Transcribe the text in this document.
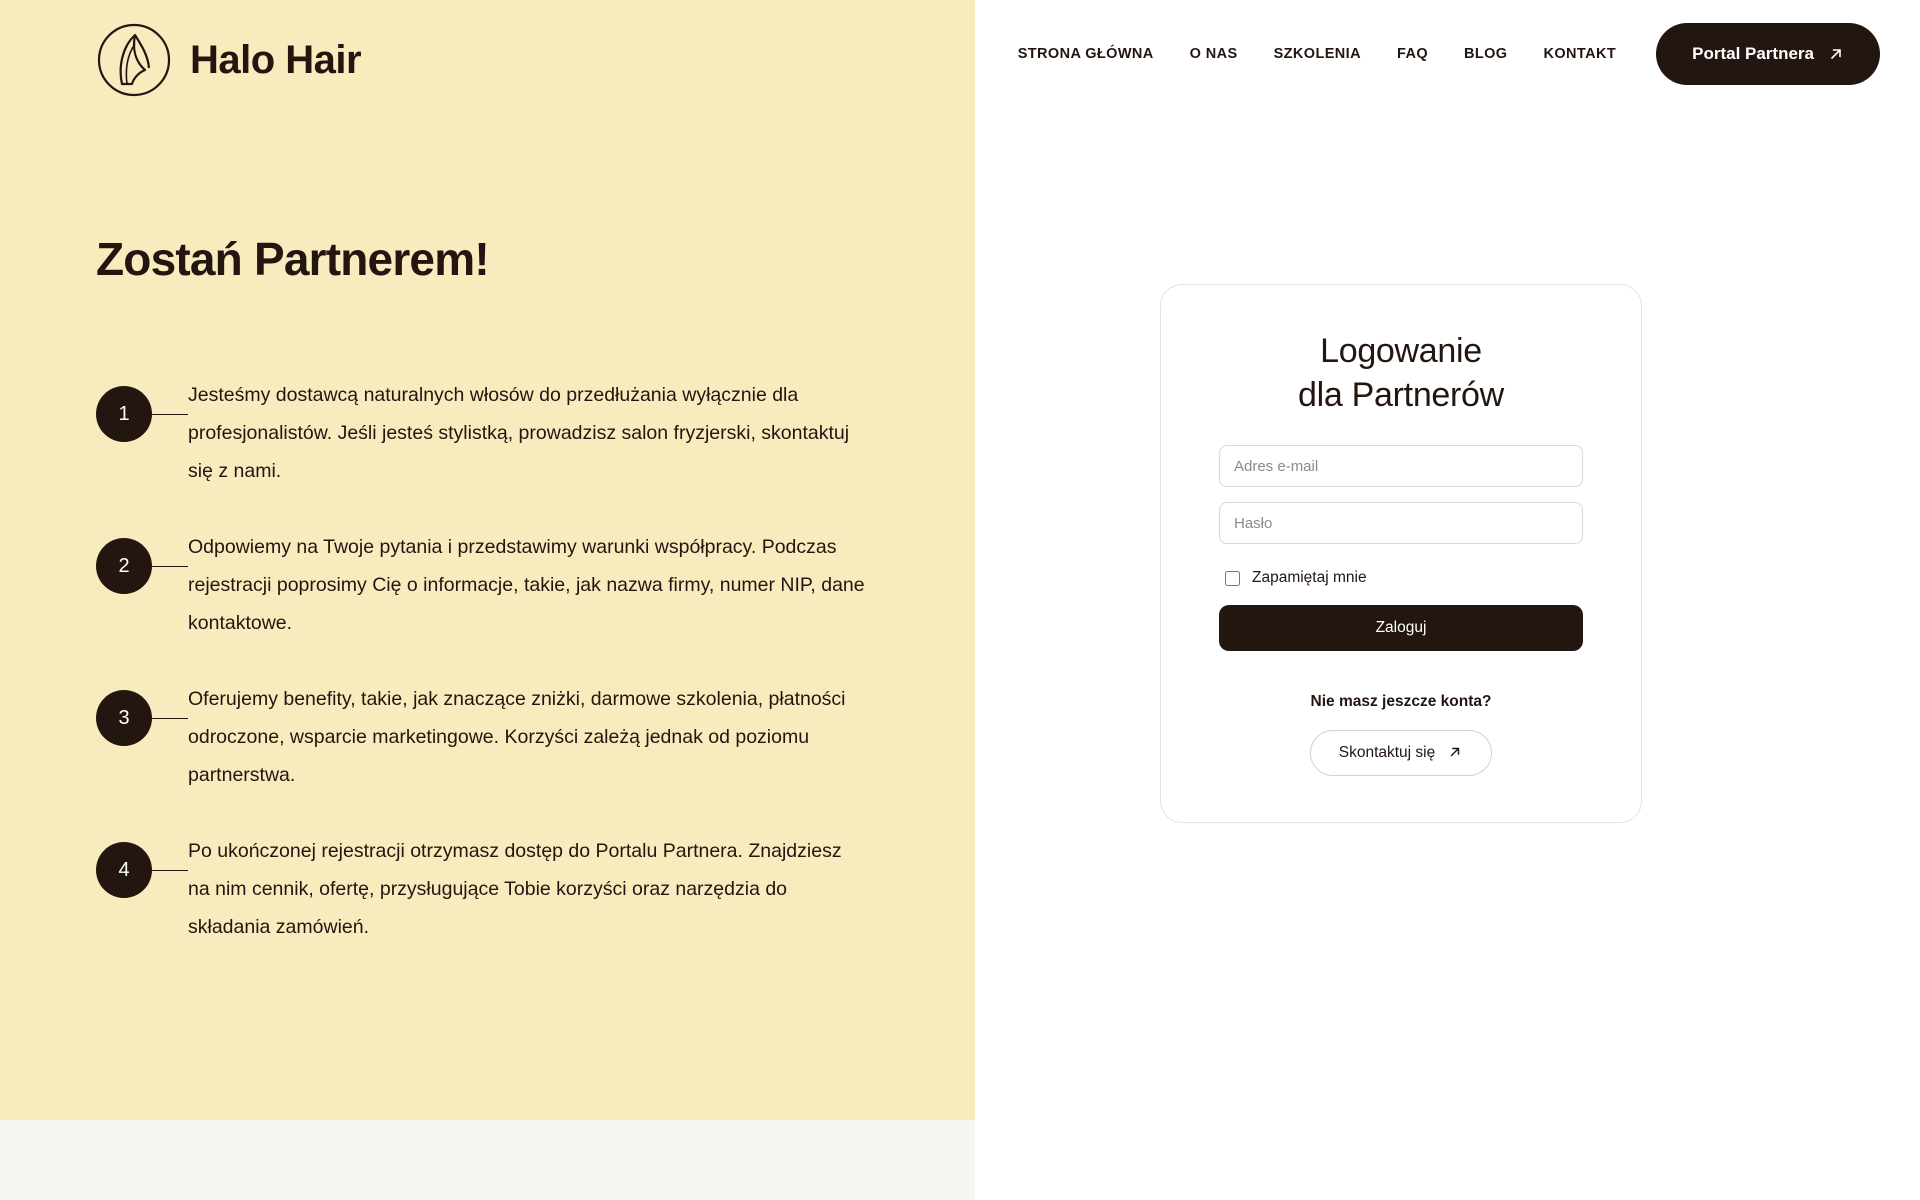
Halo Hair
Zostań Partnerem!
1

Jesteśmy dostawcą naturalnych włosów do przedłużania wyłącznie dla profesjonalistów. Jeśli jesteś stylistką, prowadzisz salon fryzjerski, skontaktuj się z nami.

2

Odpowiemy na Twoje pytania i przedstawimy warunki współpracy. Podczas rejestracji poprosimy Cię o informacje, takie, jak nazwa firmy, numer NIP, dane kontaktowe.

3

Oferujemy benefity, takie, jak znaczące zniżki, darmowe szkolenia, płatności odroczone, wsparcie marketingowe. Korzyści zależą jednak od poziomu partnerstwa.

4

Po ukończonej rejestracji otrzymasz dostęp do Portalu Partnera. Znajdziesz na nim cennik, ofertę, przysługujące Tobie korzyści oraz narzędzia do składania zamówień.

STRONA GŁÓWNA O NAS SZKOLENIA FAQ BLOG KONTAKT	Portal Partnera
Logowanie
dla Partnerów
Adres e-mail
Zapamiętaj mnie
Zaloguj
Nie masz jeszcze konta?
Skontaktuj się
